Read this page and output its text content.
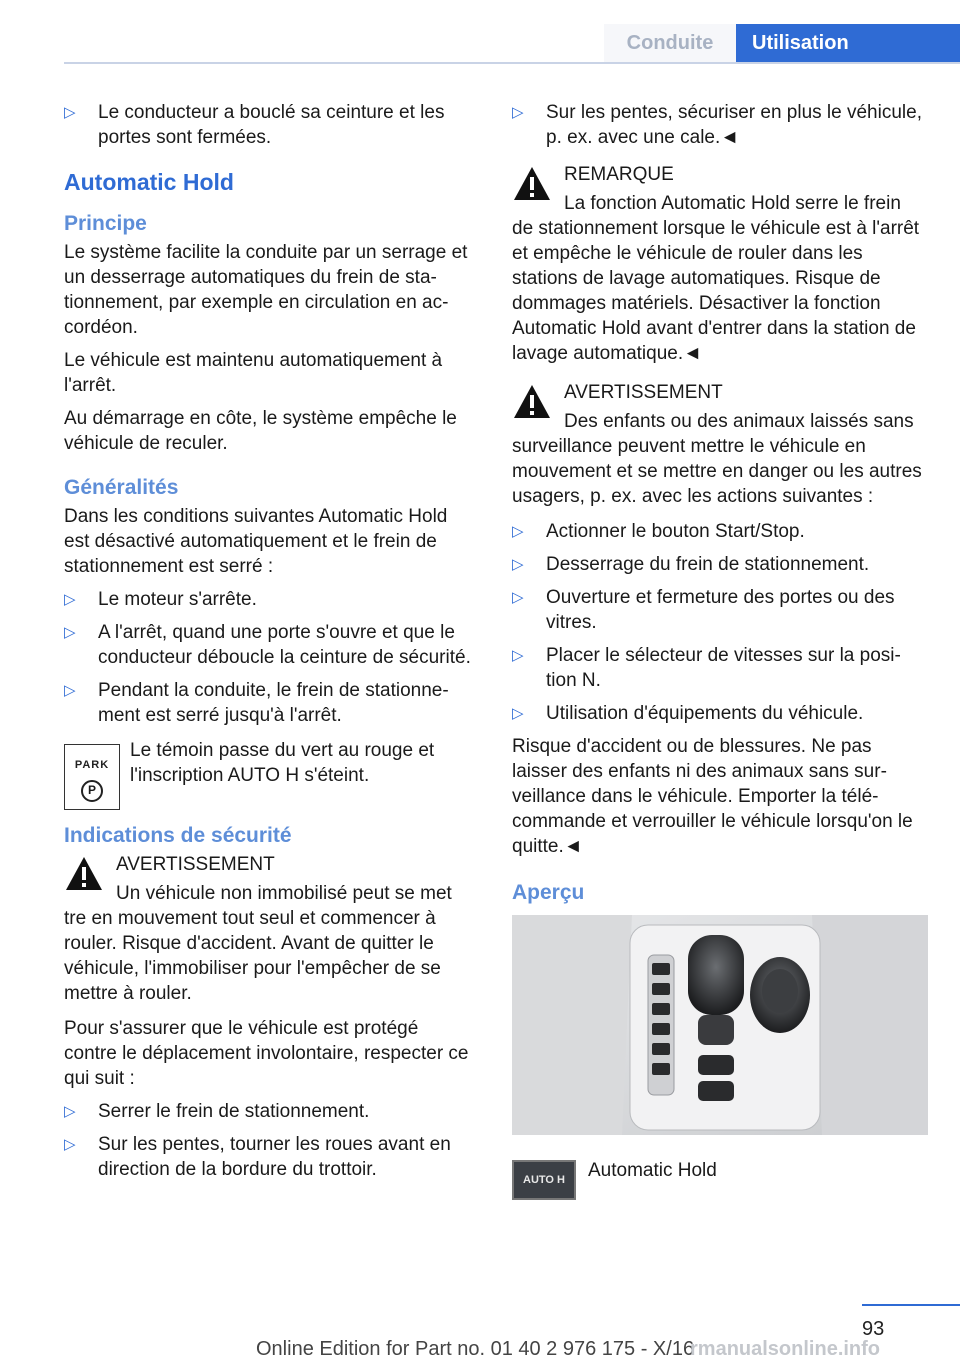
Conduite	Utilisation
▷ Le conducteur a bouclé sa ceinture et les portes sont fermées.
Automatic Hold
Principe

Le système facilite la conduite par un serrage et un desserrage automatiques du frein de stationnement, par exemple en circulation en accordéon.

Le véhicule est maintenu automatiquement à l'arrêt.

Au démarrage en côte, le système empêche le véhicule de reculer.

Généralités

Dans les conditions suivantes Automatic Hold est désactivé automatiquement et le frein de stationnement est serré :

▷ Le moteur s'arrête.
▷ A l'arrêt, quand une porte s'ouvre et que le conducteur déboucle la ceinture de sécurité.
▷ Pendant la conduite, le frein de stationnement est serré jusqu'à l'arrêt.
PARK
P
Le témoin passe du vert au rouge et l'inscription AUTO H s'éteint.
Indications de sécurité
AVERTISSEMENT
Un véhicule non immobilisé peut se met
tre en mouvement tout seul et commencer à rouler. Risque d'accident. Avant de quitter le véhicule, l'immobiliser pour l'empêcher de se mettre à rouler.

Pour s'assurer que le véhicule est protégé contre le déplacement involontaire, respecter ce qui suit :

▷ Serrer le frein de stationnement.
▷ Sur les pentes, tourner les roues avant en direction de la bordure du trottoir.
▷ Sur les pentes, sécuriser en plus le véhicule, p. ex. avec une cale.◄
REMARQUE
La fonction Automatic Hold serre le frein
de stationnement lorsque le véhicule est à l'arrêt et empêche le véhicule de rouler dans les stations de lavage automatiques. Risque de dommages matériels. Désactiver la fonction Automatic Hold avant d'entrer dans la station de lavage automatique.◄
AVERTISSEMENT
Des enfants ou des animaux laissés sans
surveillance peuvent mettre le véhicule en mouvement et se mettre en danger ou les autres usagers, p. ex. avec les actions suivantes :
▷ Actionner le bouton Start/Stop.
▷ Desserrage du frein de stationnement.
▷ Ouverture et fermeture des portes ou des vitres.
▷ Placer le sélecteur de vitesses sur la position N.
▷ Utilisation d'équipements du véhicule.

Risque d'accident ou de blessures. Ne pas laisser des enfants ni des animaux sans surveillance dans le véhicule. Emporter la télécommande et verrouiller le véhicule lorsqu'on le quitte.◄

Aperçu
AUTO H	Automatic Hold
93
Online Edition for Part no. 01 40 2 976 175 - X/16
rmanualsonline.info
